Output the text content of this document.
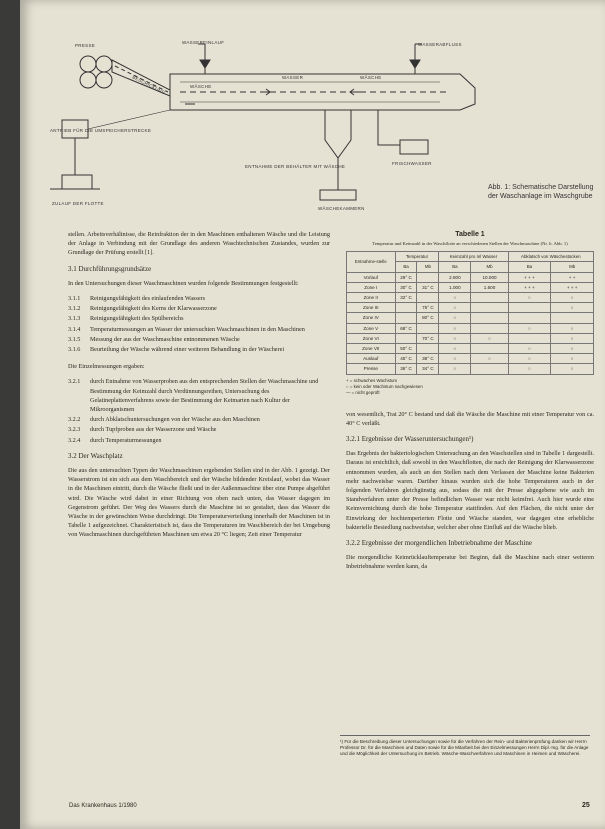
PRESSE
WASSEREINLAUF	WASSERABFLUSS
BESCHICKUNG	WÄSCHE
WASSER	WÄSCHE
ANTRIEB FÜR DIE UMSPEICHERSTRECKE
ENTNAHME DER BEHÄLTER MIT WÄSCHE
FRISCHWASSER
ZULAUF DER FLOTTE
WÄSCHEKAMMERN
Abb. 1: Schematische Darstellung der Waschanlage im Waschgrube

stellen. Arbeitsverhältnisse, die Reinfraktion der in den Maschinen enthaltenen Wäsche und die Leistung der Anlage in Verbindung mit der Grundlage des anderen Waschtechnischen Zustandes, wurden zur Grundlage der Prüfung erstellt [1].

3.1 Durchführungsgrundsätze

In den Untersuchungen dieser Waschmaschinen wurden folgende Bestimmungen festgestellt:

3.1.1	Reinigungsfähigkeit des einlaufenden Wassers
3.1.2	Reinigungsfähigkeit des Kerns der Klarwasserzone
3.1.3	Reinigungsfähigkeit des Spülbereichs
3.1.4	Temperaturmessungen an Wasser der untersuchten Waschmaschinen in den Maschinen
3.1.5	Messung der aus der Waschmaschine entnommenen Wäsche
3.1.6	Beurteilung der Wäsche während einer weiteren Behandlung in der Wäscherei

Die Einzelmessungen ergaben:

3.2.1	durch Entnahme von Wasserproben aus den entsprechenden Stellen der Waschmaschine und Bestimmung der Keimzahl durch Verdünnungsreihen, Untersuchung des Gelatineplattenverfahrens sowie der Bestimmung der Keimarten nach Kultur der Mikroorganismen
3.2.2	durch Abklatschuntersuchungen von der Wäsche aus den Maschinen
3.2.3	durch Tupfproben aus der Wasserzone und Wäsche
3.2.4	durch Temperaturmessungen
3.2 Der Waschplatz

Die aus den untersuchten Typen der Waschmaschinen ergebenden Stellen sind in der Abb. 1 gezeigt. Der Wasserstrom ist ein sich aus dem Waschbereich und der Wäsche bildender Kreislauf, wobei das Wasser in die Maschinen eintritt, durch die Wäsche fließt und in der Außenmaschine über eine Pumpe abgeführt wird. Die Wäsche wird dabei in einer Richtung von oben nach unten, das Wasser dagegen im Gegenstrom geführt. Der Weg des Wassers durch die Maschine ist so gestaltet, dass das Wasser die Wäsche in der gewünschten Weise durchdringt. Die Temperaturverteilung innerhalb der Maschinen ist in Tabelle 1 aufgezeichnet. Charakteristisch ist, dass die Temperaturen im Waschbereich der bei Umgebung von Waschmaschinen durchgeführten Maschinen um etwa 20 °C liegen; Zeit einer Temperatur

Tabelle 1
Temperatur und Keimzahl in der Waschflotte an verschiedenen Stellen der Waschmaschine (Nr. lt. Abb. 1)
Entnahme-stelle	Temperatur		Keimzahl pro ml Wasser		Abklatsch von Wäschestücken	
	Ba	Mb	Ba	Mb	Ba	Mb
Vorlauf	29° C		2.800	10.000	+ + +	+ +
Zone I	30° C	31° C	1.000	1.600	+ + +	+ + +
Zone II	32° C		○		○	○
Zone III		75° C	○			○
Zone IV		80° C	○			
Zone V	68° C		○		○	○
Zone VI		70° C	○	○		○
Zone VII	50° C		○		○	○
Auslauf	45° C	38° C	○	○	○	○
Presse	36° C	34° C	○		○	○
+ = schwaches Wachstum
○ = kein oder Wachstum nachgewiesen
— = nicht geprüft

von wesentlich, Trat 20° C bestand und daß die Wäsche die Maschine mit einer Temperatur von ca. 40° C verläßt.

3.2.1 Ergebnisse der Wasseruntersuchungen¹)

Das Ergebnis der bakteriologischen Untersuchung an den Waschstellen sind in Tabelle 1 dargestellt. Daraus ist ersichtlich, daß sowohl in den Waschflotten, die nach der Reinigung der Klarwasserzone entnommen wurden, als auch an den Stellen nach dem Verlassen der Maschine keine Bakterien mehr nachweisbar waren. Darüber hinaus wurden sich die hohe Temperaturen auch in der folgenden Verfahren gleichgünstig aus, sodass die mit der Presse abgegebene wie auch im Standverfahren unter der Presse befindlichen Wasser war nicht keimfrei. Auch hier wurde eine Keimvernichtung durch die hohe Temperatur stattfinden. Auf den Flächen, die nicht unter der Einwirkung der hochtemperierten Flotte und Wäsche standen, war dagegen eine erhebliche bakterielle Besiedlung nachweisbar, welcher aber ohne Einfluß auf die Wäsche blieb.

3.2.2 Ergebnisse der morgendlichen Inbetriebnahme der Maschine

Die morgendliche Keimrücklauftemperatur bei Beginn, daß die Maschine nach einer weiteren Inbetriebnahme werden kann, da

¹) Für die Beschreibung dieser Untersuchungen sowie für die Verfahren der Rein- und Bakterienprüfung danken wir Herrn Professor Dr. für die Maschinen und Daten sowie für die Mitarbeit bei den Einzelmessungen Herrn Dipl.-Ing. für die Anlage und die Möglichkeit der Untersuchung im Betrieb. Wäsche-Waschverfahren und Maschinen in Heimen und Wäscherei.
Das Krankenhaus 1/1980	25
